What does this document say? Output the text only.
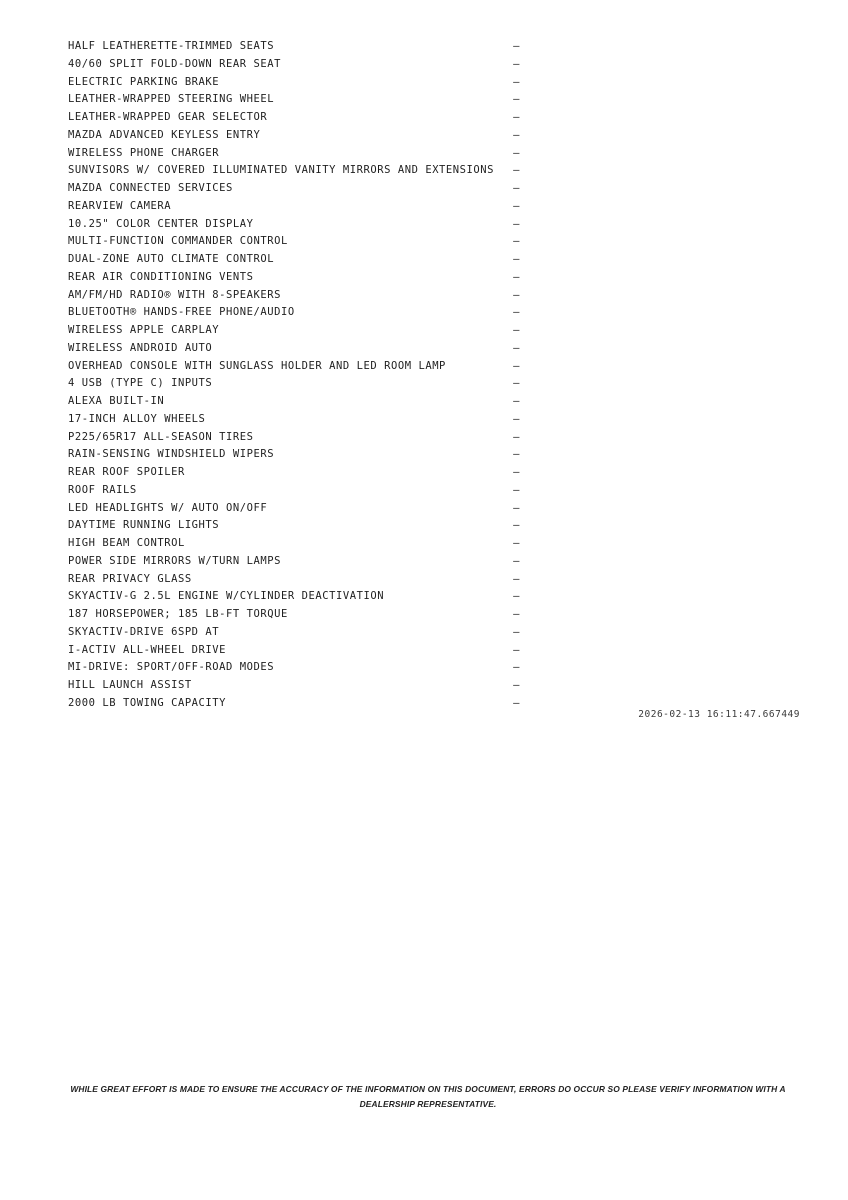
HALF LEATHERETTE-TRIMMED SEATS	–
40/60 SPLIT FOLD-DOWN REAR SEAT	–
ELECTRIC PARKING BRAKE	–
LEATHER-WRAPPED STEERING WHEEL	–
LEATHER-WRAPPED GEAR SELECTOR	–
MAZDA ADVANCED KEYLESS ENTRY	–
WIRELESS PHONE CHARGER	–
SUNVISORS W/ COVERED ILLUMINATED VANITY MIRRORS AND EXTENSIONS	–
MAZDA CONNECTED SERVICES	–
REARVIEW CAMERA	–
10.25" COLOR CENTER DISPLAY	–
MULTI-FUNCTION COMMANDER CONTROL	–
DUAL-ZONE AUTO CLIMATE CONTROL	–
REAR AIR CONDITIONING VENTS	–
AM/FM/HD RADIO® WITH 8-SPEAKERS	–
BLUETOOTH® HANDS-FREE PHONE/AUDIO	–
WIRELESS APPLE CARPLAY	–
WIRELESS ANDROID AUTO	–
OVERHEAD CONSOLE WITH SUNGLASS HOLDER AND LED ROOM LAMP	–
4 USB (TYPE C) INPUTS	–
ALEXA BUILT-IN	–
17-INCH ALLOY WHEELS	–
P225/65R17 ALL-SEASON TIRES	–
RAIN-SENSING WINDSHIELD WIPERS	–
REAR ROOF SPOILER	–
ROOF RAILS	–
LED HEADLIGHTS W/ AUTO ON/OFF	–
DAYTIME RUNNING LIGHTS	–
HIGH BEAM CONTROL	–
POWER SIDE MIRRORS W/TURN LAMPS	–
REAR PRIVACY GLASS	–
SKYACTIV-G 2.5L ENGINE W/CYLINDER DEACTIVATION	–
187 HORSEPOWER; 185 LB-FT TORQUE	–
SKYACTIV-DRIVE 6SPD AT	–
I-ACTIV ALL-WHEEL DRIVE	–
MI-DRIVE: SPORT/OFF-ROAD MODES	–
HILL LAUNCH ASSIST	–
2000 LB TOWING CAPACITY	–
2026-02-13 16:11:47.667449
WHILE GREAT EFFORT IS MADE TO ENSURE THE ACCURACY OF THE INFORMATION ON THIS DOCUMENT, ERRORS DO OCCUR SO PLEASE VERIFY INFORMATION WITH A DEALERSHIP REPRESENTATIVE.
